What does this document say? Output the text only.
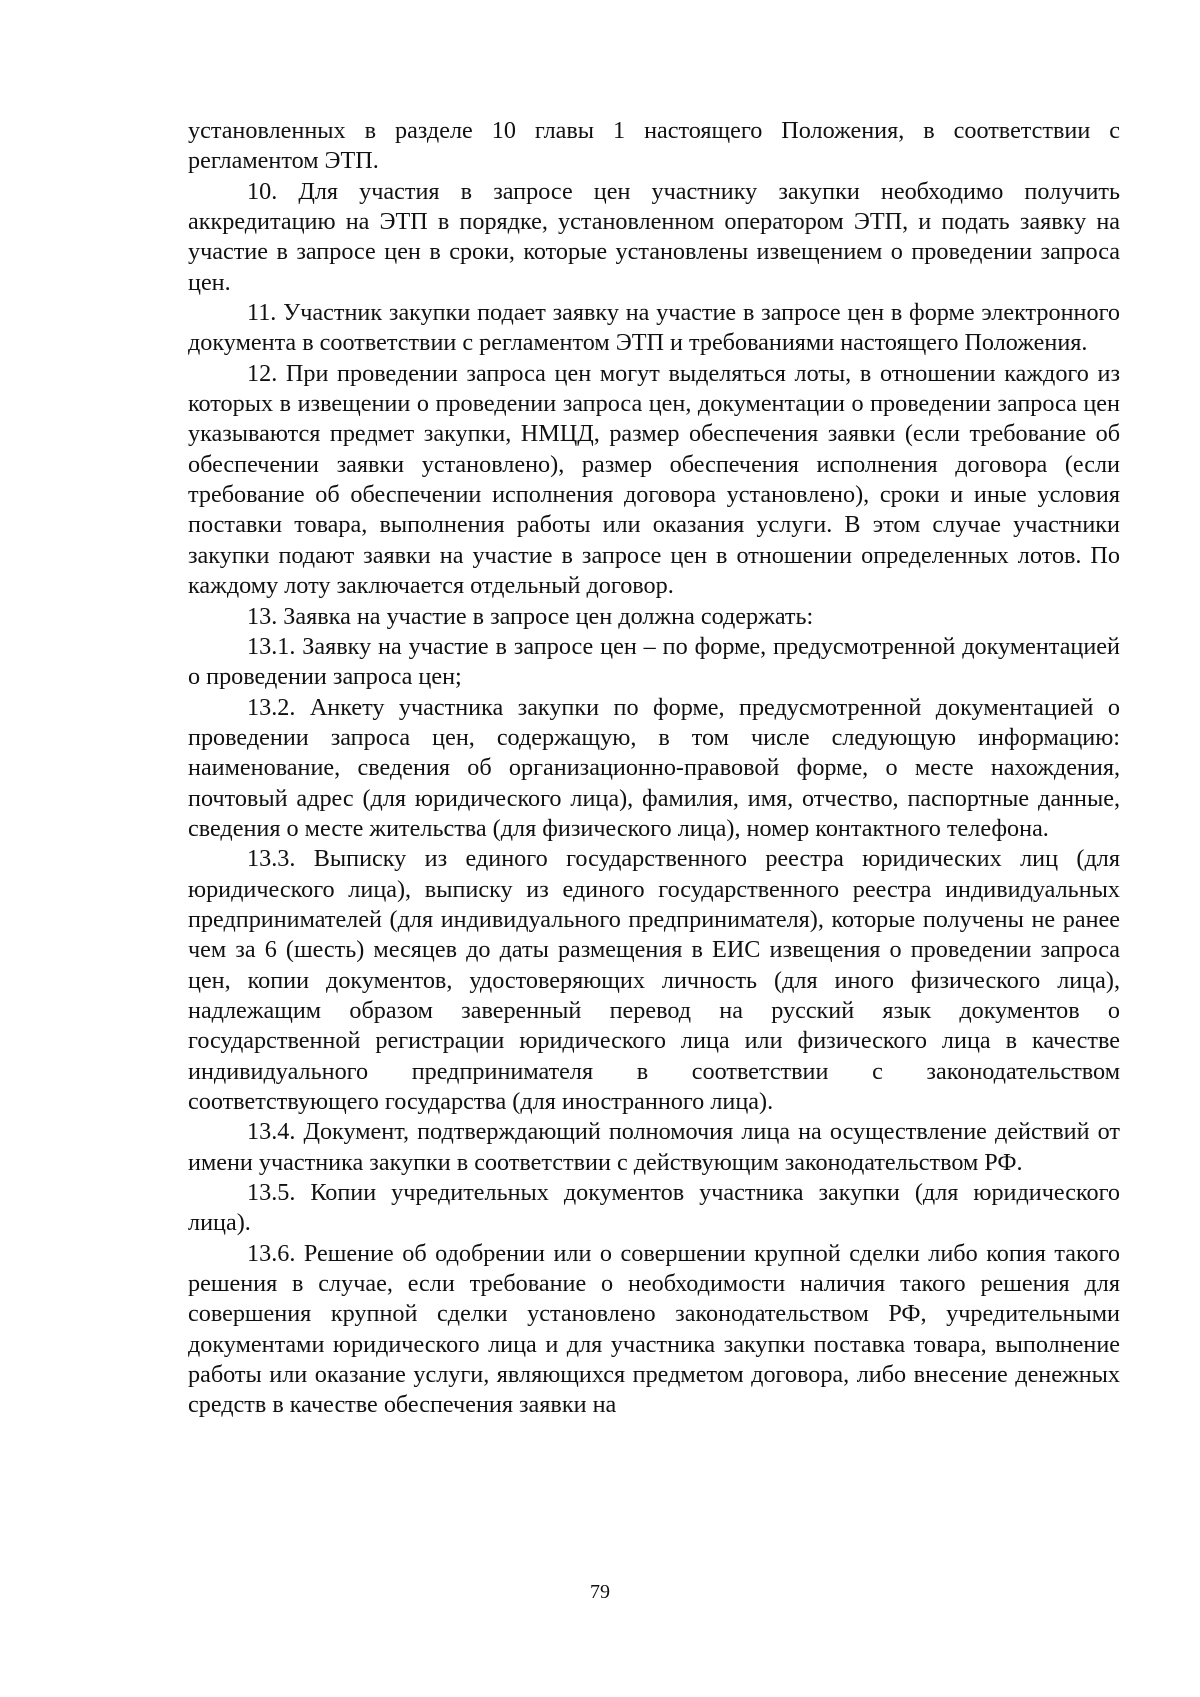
установленных в разделе 10 главы 1 настоящего Положения, в соответствии с регламентом ЭТП.

10. Для участия в запросе цен участнику закупки необходимо получить аккредитацию на ЭТП в порядке, установленном оператором ЭТП, и подать заявку на участие в запросе цен в сроки, которые установлены извещением о проведении запроса цен.

11. Участник закупки подает заявку на участие в запросе цен в форме электронного документа в соответствии с регламентом ЭТП и требованиями настоящего Положения.

12. При проведении запроса цен могут выделяться лоты, в отношении каждого из которых в извещении о проведении запроса цен, документации о проведении запроса цен указываются предмет закупки, НМЦД, размер обеспечения заявки (если требование об обеспечении заявки установлено), размер обеспечения исполнения договора (если требование об обеспечении исполнения договора установлено), сроки и иные условия поставки товара, выполнения работы или оказания услуги. В этом случае участники закупки подают заявки на участие в запросе цен в отношении определенных лотов. По каждому лоту заключается отдельный договор.

13. Заявка на участие в запросе цен должна содержать:

13.1. Заявку на участие в запросе цен – по форме, предусмотренной документацией о проведении запроса цен;

13.2. Анкету участника закупки по форме, предусмотренной документацией о проведении запроса цен, содержащую, в том числе следующую информацию: наименование, сведения об организационно-правовой форме, о месте нахождения, почтовый адрес (для юридического лица), фамилия, имя, отчество, паспортные данные, сведения о месте жительства (для физического лица), номер контактного телефона.

13.3. Выписку из единого государственного реестра юридических лиц (для юридического лица), выписку из единого государственного реестра индивидуальных предпринимателей (для индивидуального предпринимателя), которые получены не ранее чем за 6 (шесть) месяцев до даты размещения в ЕИС извещения о проведении запроса цен, копии документов, удостоверяющих личность (для иного физического лица), надлежащим образом заверенный перевод на русский язык документов о государственной регистрации юридического лица или физического лица в качестве индивидуального предпринимателя в соответствии с законодательством соответствующего государства (для иностранного лица).

13.4. Документ, подтверждающий полномочия лица на осуществление действий от имени участника закупки в соответствии с действующим законодательством РФ.

13.5. Копии учредительных документов участника закупки (для юридического лица).

13.6. Решение об одобрении или о совершении крупной сделки либо копия такого решения в случае, если требование о необходимости наличия такого решения для совершения крупной сделки установлено законодательством РФ, учредительными документами юридического лица и для участника закупки поставка товара, выполнение работы или оказание услуги, являющихся предметом договора, либо внесение денежных средств в качестве обеспечения заявки на

79
